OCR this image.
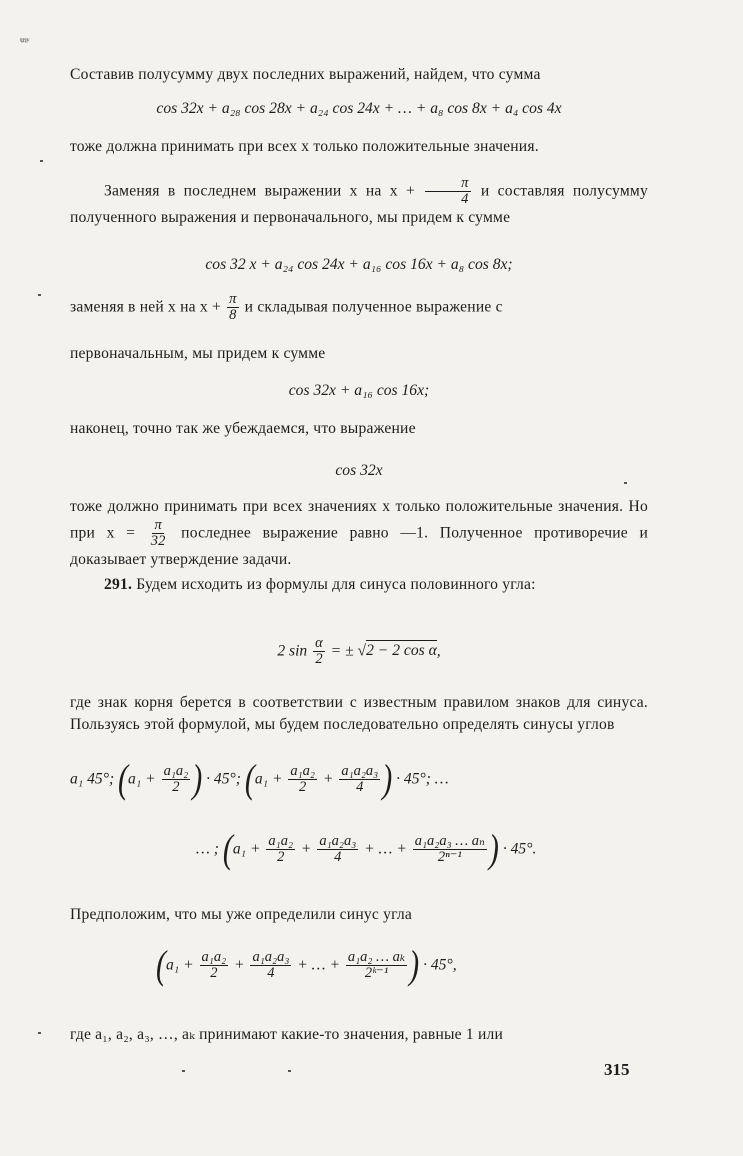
ᵗᵍᵉᵖʸ
Составив полусумму двух последних выражений, найдем, что сумма
cos 32x + a₂₈ cos 28x + a₂₄ cos 24x + … + a₈ cos 8x + a₄ cos 4x
тоже должна принимать при всех x только положительные значения.
Заменяя в последнем выражении x на $x + \frac{\pi}{4}$ и составляя полусумму полученного выражения и первоначального, мы придем к сумме
cos 32 x + a₂₄ cos 24x + a₁₆ cos 16x + a₈ cos 8x;
заменяя в ней x на $x + \frac{\pi}{8}$ и складывая полученное выражение с
первоначальным, мы придем к сумме
cos 32x + a₁₆ cos 16x;
наконец, точно так же убеждаемся, что выражение
cos 32x
тоже должно принимать при всех значениях x только положительные значения. Но при $x = \frac{\pi}{32}$ последнее выражение равно —1. Полученное противоречие и доказывает утверждение задачи.
291. Будем исходить из формулы для синуса половинного угла:
2 $\sin \frac{\alpha}{2}$ = ± √2 − 2 cos α,
где знак корня берется в соответствии с известным правилом знаков для синуса. Пользуясь этой формулой, мы будем последовательно определять синусы углов
a₁ 45°; ($a_1 + \frac{\text{a₁a₂}}{2}$ ) · 45°; ($a_1 + \frac{\text{a₁a₂}}{2} + \frac{\text{a₁a₂a₃}}{4}$ ) · 45°; …
… ; ($a_1 + \frac{\text{a₁a₂}}{2} + \frac{\text{a₁a₂a₃}}{4}$ + … + $\frac{\text{a₁a₂a₃ … aₙ}}{\text{2ⁿ⁻¹}}$ ) · 45°.
Предположим, что мы уже определили синус угла
($a_1 + \frac{\text{a₁a₂}}{2} + \frac{\text{a₁a₂a₃}}{4}$ + … + $\frac{\text{a₁a₂ … aₖ}}{\text{2ᵏ⁻¹}}$ ) · 45°,
где a₁, a₂, a₃, …, aₖ принимают какие-то значения, равные 1 или
315
